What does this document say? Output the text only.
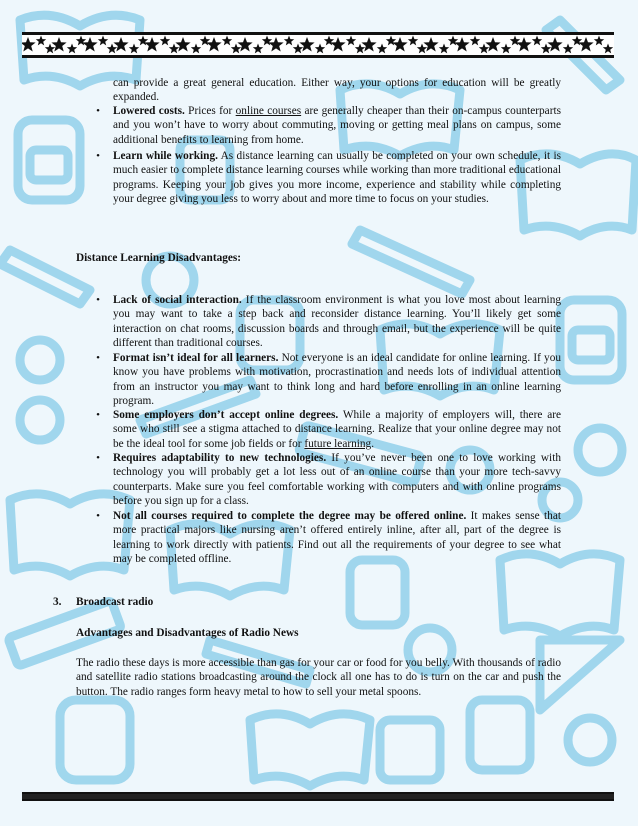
can provide a great general education. Either way, your options for education will be greatly expanded.
• Lowered costs. Prices for online courses are generally cheaper than their on-campus counterparts and you won’t have to worry about commuting, moving or getting meal plans on campus, some additional benefits to learning from home.
• Learn while working. As distance learning can usually be completed on your own schedule, it is much easier to complete distance learning courses while working than more traditional educational programs. Keeping your job gives you more income, experience and stability while completing your degree giving you less to worry about and more time to focus on your studies.
Distance Learning Disadvantages:
• Lack of social interaction. If the classroom environment is what you love most about learning you may want to take a step back and reconsider distance learning. You’ll likely get some interaction on chat rooms, discussion boards and through email, but the experience will be quite different than traditional courses.
• Format isn’t ideal for all learners. Not everyone is an ideal candidate for online learning. If you know you have problems with motivation, procrastination and needs lots of individual attention from an instructor you may want to think long and hard before enrolling in an online learning program.
• Some employers don’t accept online degrees. While a majority of employers will, there are some who still see a stigma attached to distance learning. Realize that your online degree may not be the ideal tool for some job fields or for future learning.
• Requires adaptability to new technologies. If you’ve never been one to love working with technology you will probably get a lot less out of an online course than your more tech-savvy counterparts. Make sure you feel comfortable working with computers and with online programs before you sign up for a class.
• Not all courses required to complete the degree may be offered online. It makes sense that more practical majors like nursing aren’t offered entirely inline, after all, part of the degree is learning to work directly with patients. Find out all the requirements of your degree to see what may be completed offline.
3. Broadcast radio
Advantages and Disadvantages of Radio News
The radio these days is more accessible than gas for your car or food for you belly. With thousands of radio and satellite radio stations broadcasting around the clock all one has to do is turn on the car and push the button. The radio ranges form heavy metal to how to sell your metal spoons.
